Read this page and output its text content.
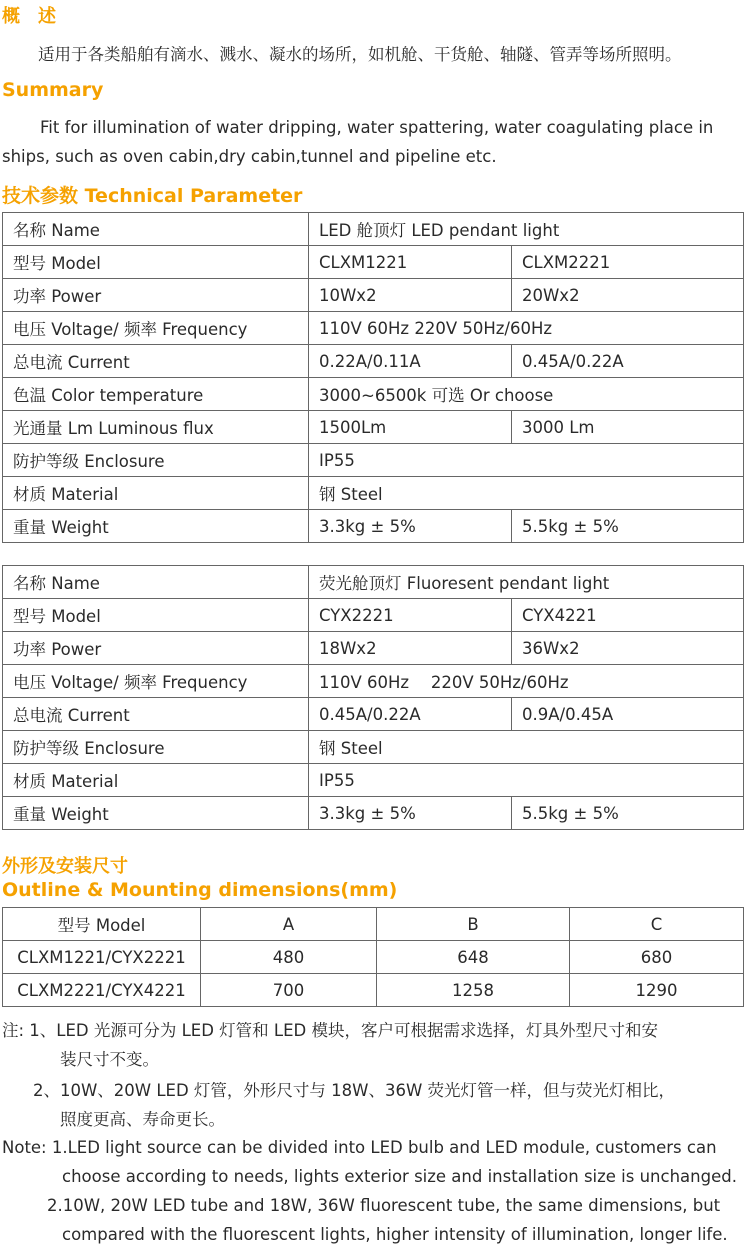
概　述
适用于各类船舶有滴水、溅水、凝水的场所，如机舱、干货舱、轴隧、管弄等场所照明。
Summary
Fit for illumination of water dripping, water spattering, water coagulating place in
ships, such as oven cabin,dry cabin,tunnel and pipeline etc.
技术参数 Technical Parameter
名称 Name	LED 舱顶灯 LED pendant light	
型号 Model	CLXM1221	CLXM2221
功率 Power	10Wx2	20Wx2
电压 Voltage/ 频率 Frequency	110V 60Hz 220V 50Hz/60Hz	
总电流 Current	0.22A/0.11A	0.45A/0.22A
色温 Color temperature	3000~6500k 可选 Or choose	
光通量 Lm Luminous flux	1500Lm	3000 Lm
防护等级 Enclosure	IP55	
材质 Material	钢 Steel	
重量 Weight	3.3kg ± 5%	5.5kg ± 5%
名称 Name	荧光舱顶灯 Fluoresent pendant light	
型号 Model	CYX2221	CYX4221
功率 Power	18Wx2	36Wx2
电压 Voltage/ 频率 Frequency	110V 60Hz　 220V 50Hz/60Hz	
总电流 Current	0.45A/0.22A	0.9A/0.45A
防护等级 Enclosure	钢 Steel	
材质 Material	IP55	
重量 Weight	3.3kg ± 5%	5.5kg ± 5%
外形及安装尺寸
Outline & Mounting dimensions(mm)
型号 Model	A	B	C
CLXM1221/CYX2221	480	648	680
CLXM2221/CYX4221	700	1258	1290
注: 1、LED 光源可分为 LED 灯管和 LED 模块，客户可根据需求选择，灯具外型尺寸和安
装尺寸不变。
2、10W、20W LED 灯管，外形尺寸与 18W、36W 荧光灯管一样，但与荧光灯相比，
照度更高、寿命更长。
Note: 1.LED light source can be divided into LED bulb and LED module, customers can
choose according to needs, lights exterior size and installation size is unchanged.
2.10W, 20W LED tube and 18W, 36W fluorescent tube, the same dimensions, but
compared with the fluorescent lights, higher intensity of illumination, longer life.
